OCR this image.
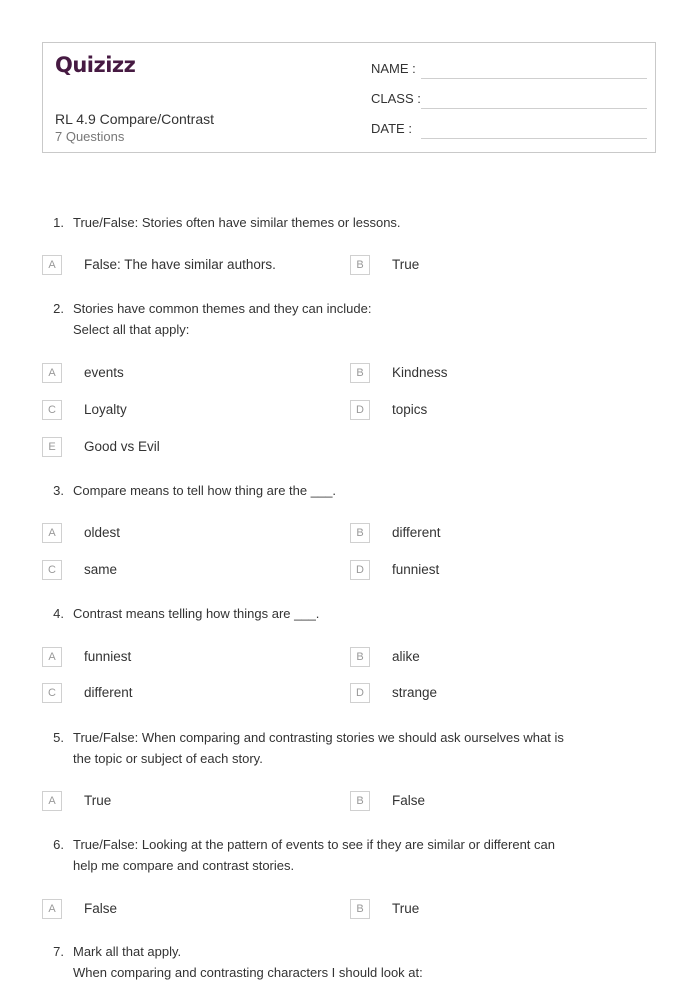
Quizizz
RL 4.9 Compare/Contrast
7 Questions
NAME :
CLASS :
DATE :
1. True/False: Stories often have similar themes or lessons.
A	False: The have similar authors.	B	True
2. Stories have common themes and they can include:
Select all that apply:
A	events	B	Kindness
C	Loyalty	D	topics
E	Good vs Evil
3. Compare means to tell how thing are the ___.
A	oldest	B	different
C	same	D	funniest
4. Contrast means telling how things are ___.
A	funniest	B	alike
C	different	D	strange
5. True/False: When comparing and contrasting stories we should ask ourselves what is
the topic or subject of each story.
A	True	B	False
6. True/False: Looking at the pattern of events to see if they are similar or different can
help me compare and contrast stories.
A	False	B	True
7. Mark all that apply.
When comparing and contrasting characters I should look at:
